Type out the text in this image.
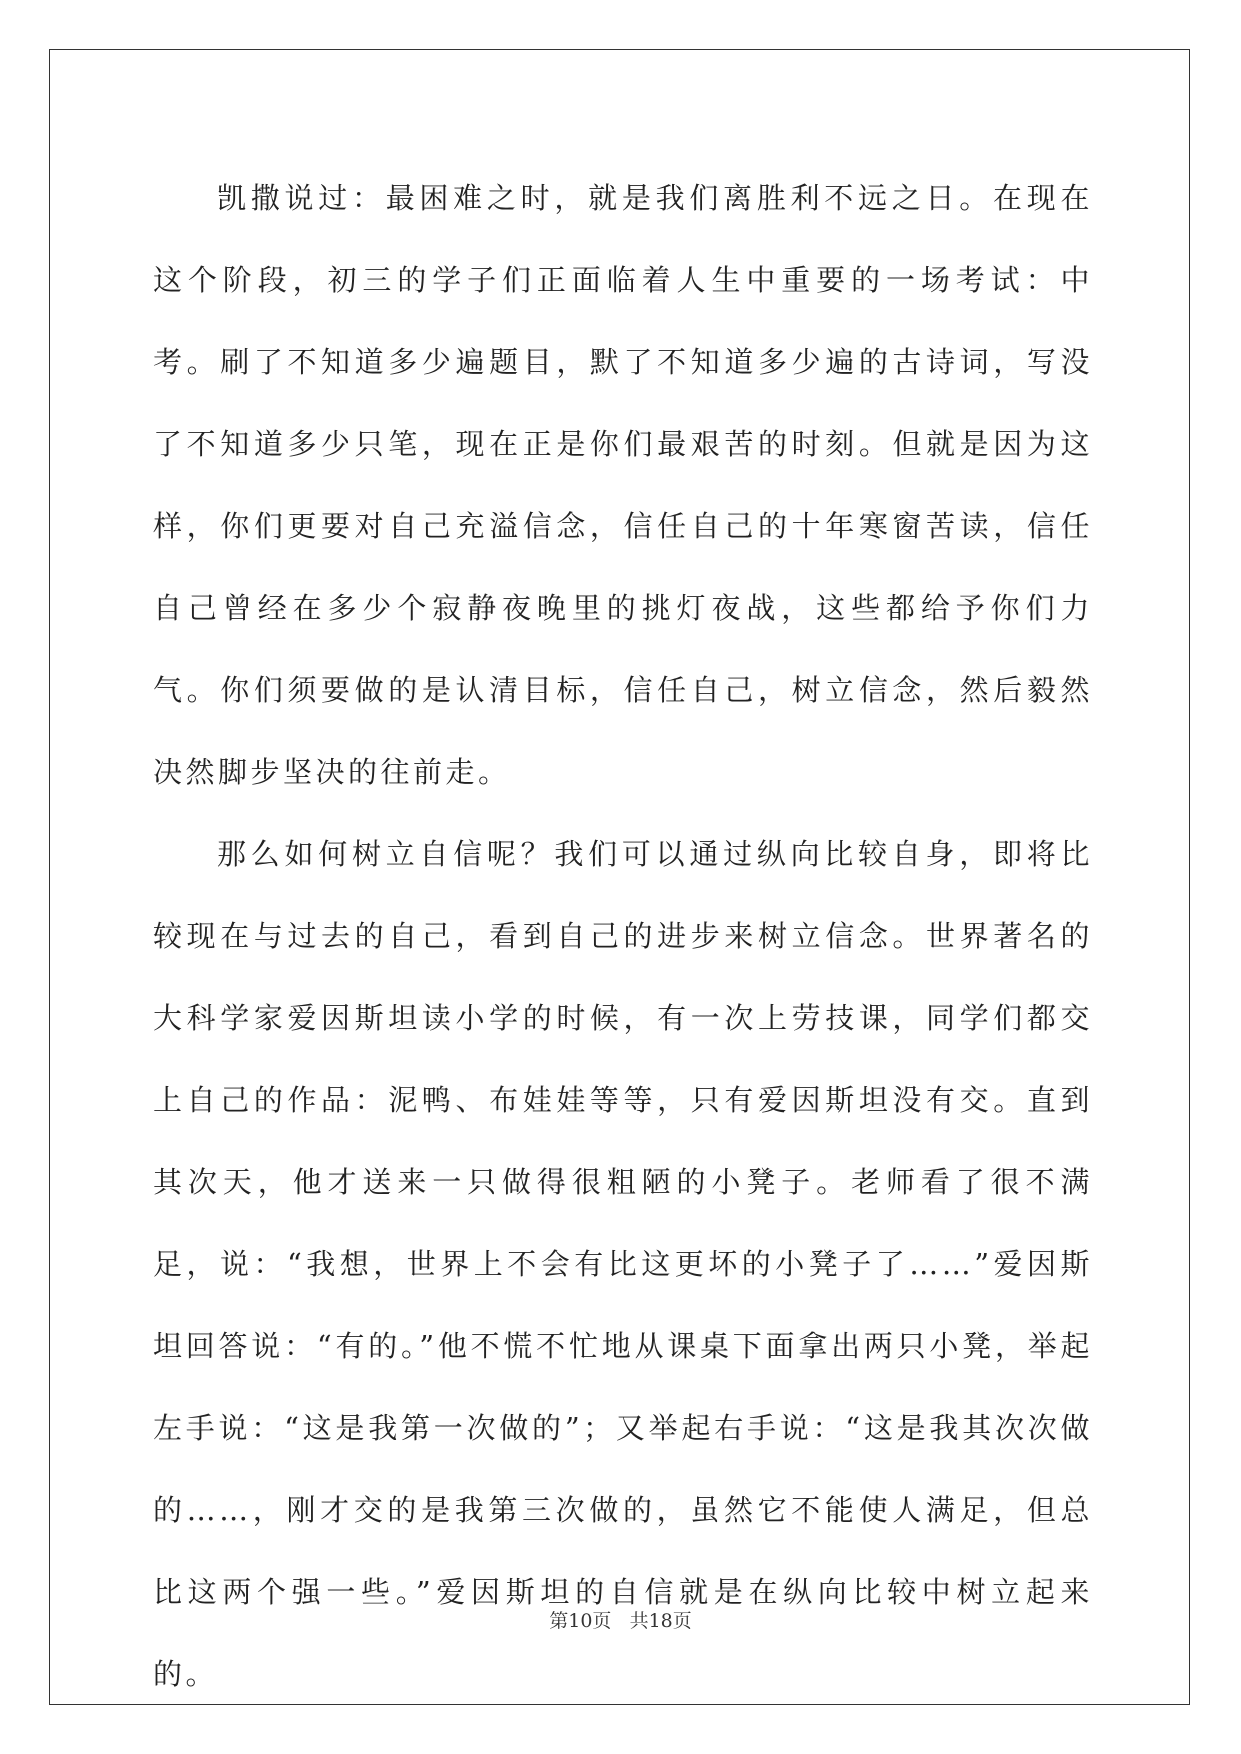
凯撒说过：最困难之时，就是我们离胜利不远之日。在现在这个阶段，初三的学子们正面临着人生中重要的一场考试：中考。刷了不知道多少遍题目，默了不知道多少遍的古诗词，写没了不知道多少只笔，现在正是你们最艰苦的时刻。但就是因为这样，你们更要对自己充溢信念，信任自己的十年寒窗苦读，信任自己曾经在多少个寂静夜晚里的挑灯夜战，这些都给予你们力气。你们须要做的是认清目标，信任自己，树立信念，然后毅然决然脚步坚决的往前走。

那么如何树立自信呢？我们可以通过纵向比较自身，即将比较现在与过去的自己，看到自己的进步来树立信念。世界著名的大科学家爱因斯坦读小学的时候，有一次上劳技课，同学们都交上自己的作品：泥鸭、布娃娃等等，只有爱因斯坦没有交。直到其次天，他才送来一只做得很粗陋的小凳子。老师看了很不满足，说：“我想，世界上不会有比这更坏的小凳子了……”爱因斯坦回答说：“有的。”他不慌不忙地从课桌下面拿出两只小凳，举起左手说：“这是我第一次做的”；又举起右手说：“这是我其次次做的……，刚才交的是我第三次做的，虽然它不能使人满足，但总比这两个强一些。”爱因斯坦的自信就是在纵向比较中树立起来的。

第10页 共18页
